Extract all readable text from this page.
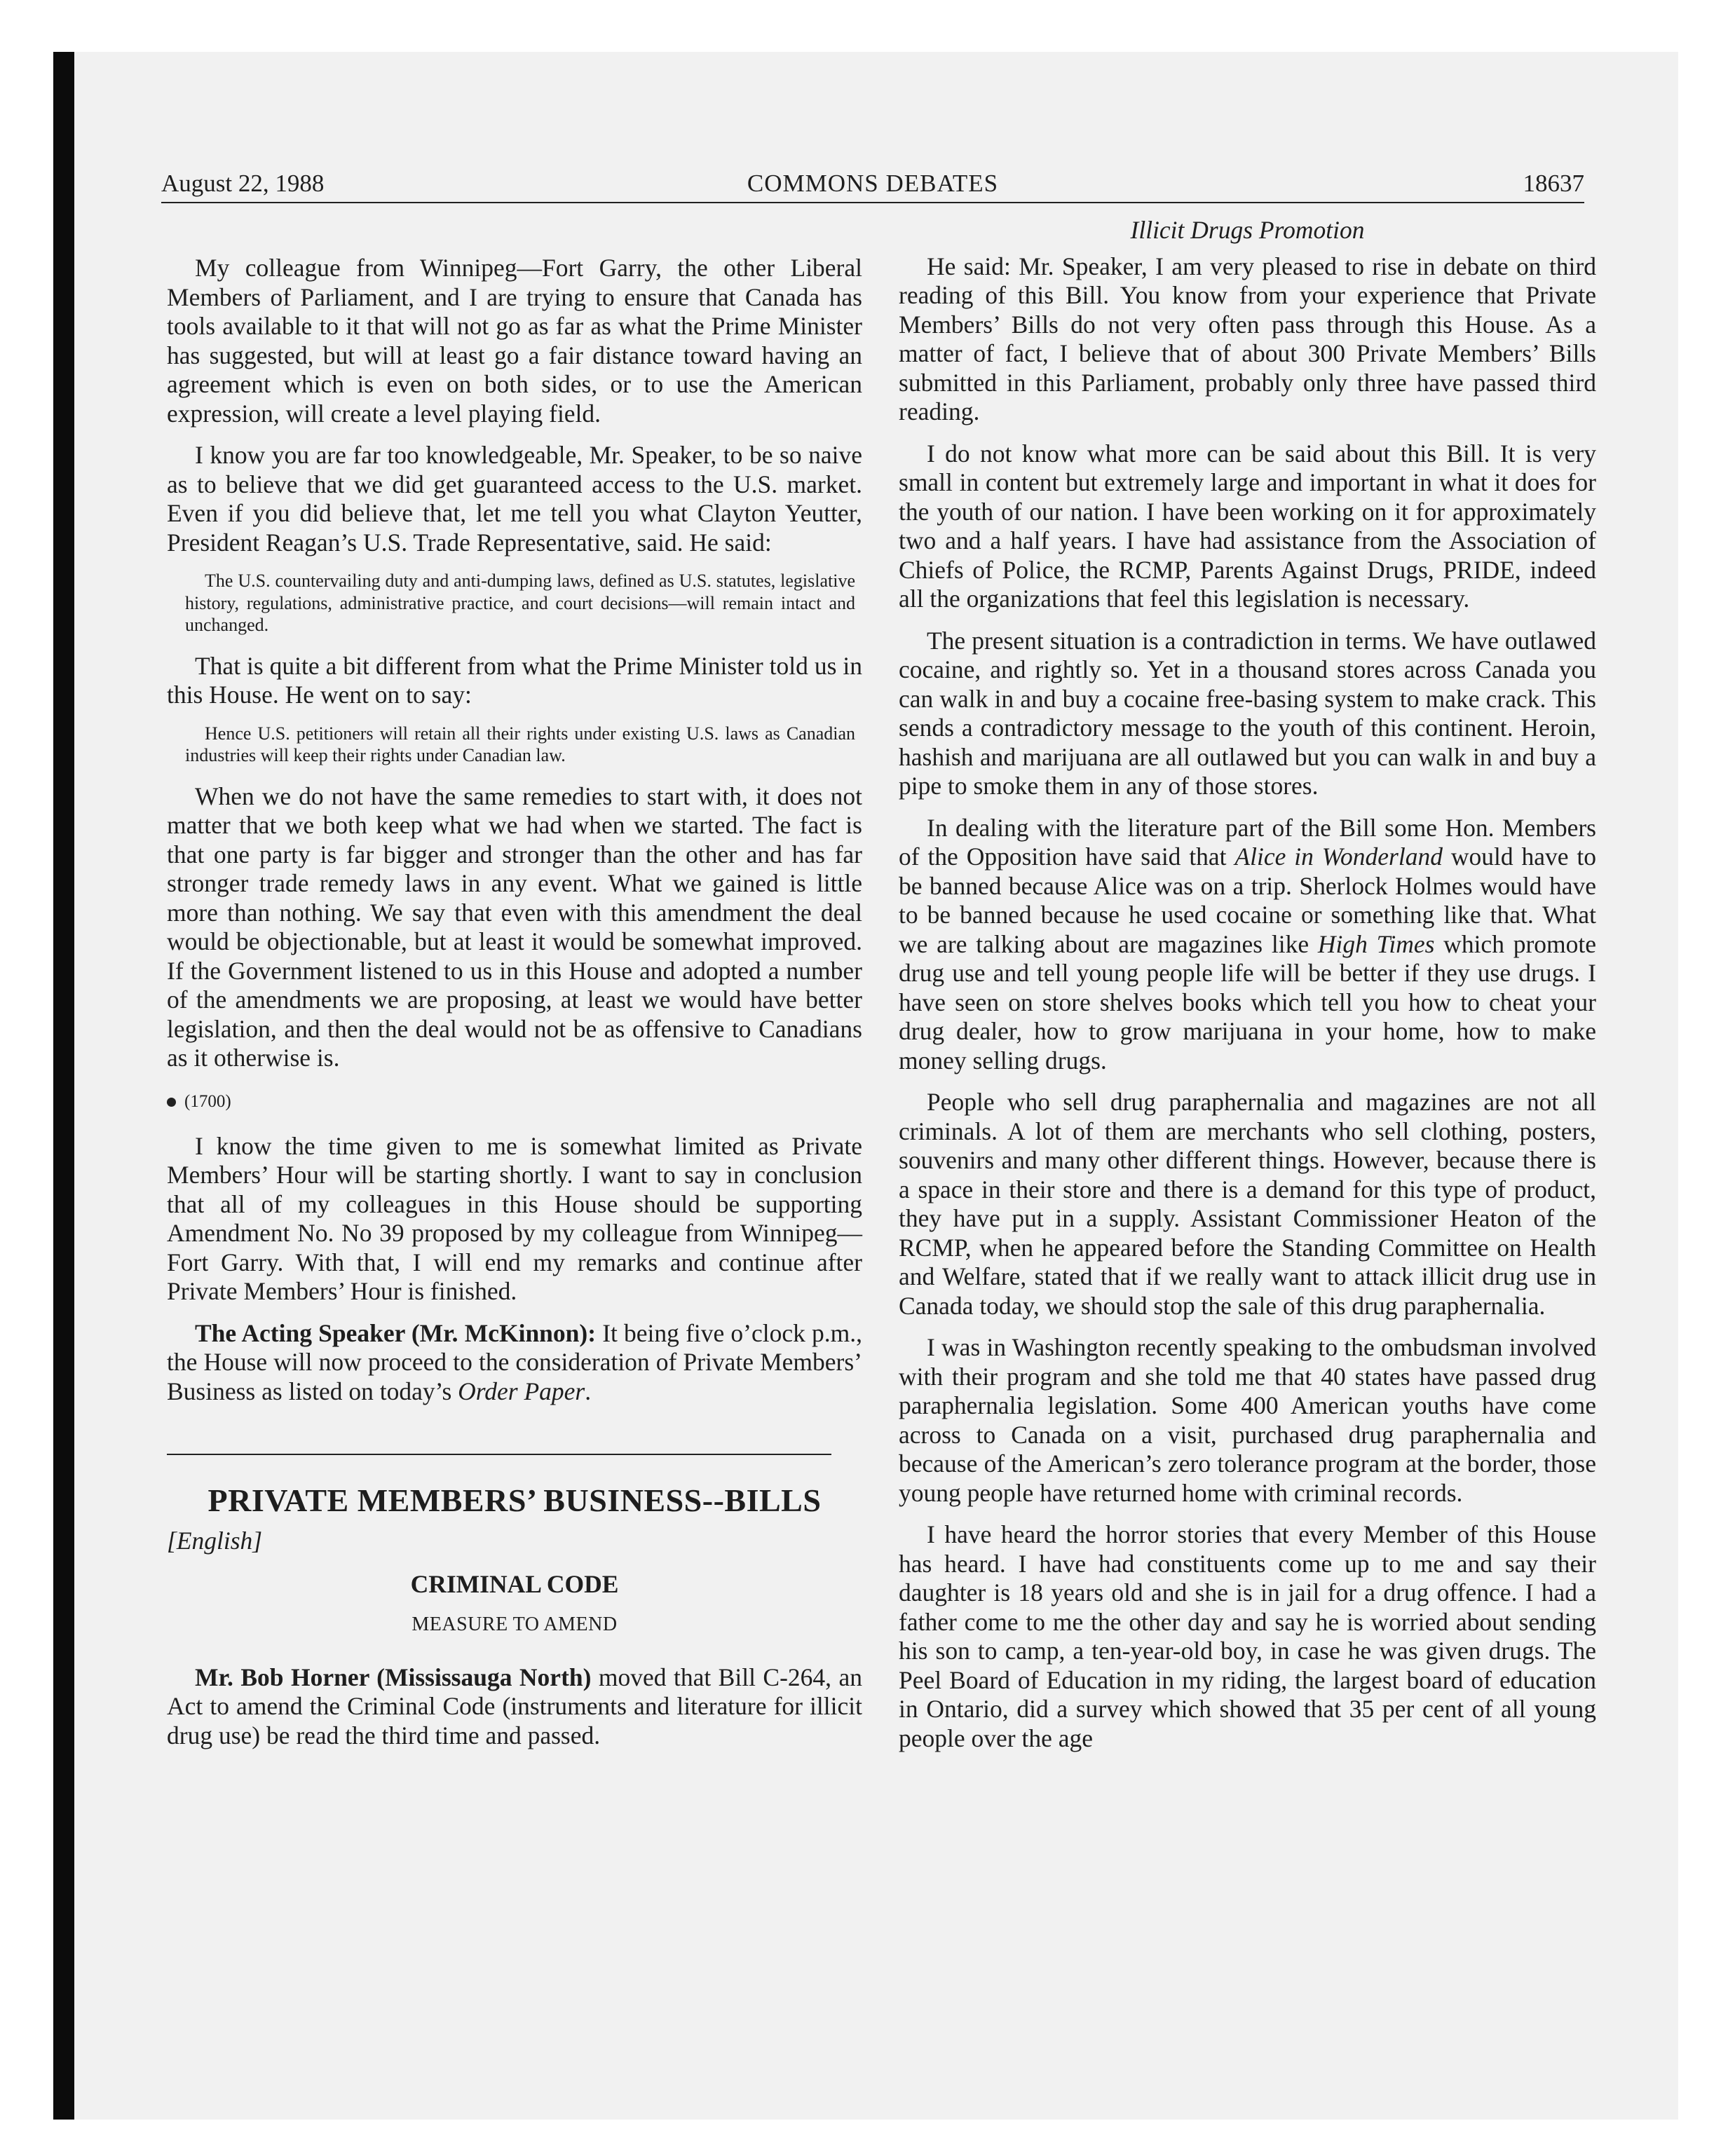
August 22, 1988	COMMONS DEBATES	18637

My colleague from Winnipeg—Fort Garry, the other Liberal Members of Parliament, and I are trying to ensure that Canada has tools available to it that will not go as far as what the Prime Minister has suggested, but will at least go a fair distance toward having an agreement which is even on both sides, or to use the American expression, will create a level playing field.

I know you are far too knowledgeable, Mr. Speaker, to be so naive as to believe that we did get guaranteed access to the U.S. market. Even if you did believe that, let me tell you what Clayton Yeutter, President Reagan’s U.S. Trade Representative, said. He said:

The U.S. countervailing duty and anti-dumping laws, defined as U.S. statutes, legislative history, regulations, administrative practice, and court decisions—will remain intact and unchanged.

That is quite a bit different from what the Prime Minister told us in this House. He went on to say:

Hence U.S. petitioners will retain all their rights under existing U.S. laws as Canadian industries will keep their rights under Canadian law.

When we do not have the same remedies to start with, it does not matter that we both keep what we had when we started. The fact is that one party is far bigger and stronger than the other and has far stronger trade remedy laws in any event. What we gained is little more than nothing. We say that even with this amendment the deal would be objectionable, but at least it would be somewhat improved. If the Government listened to us in this House and adopted a number of the amendments we are proposing, at least we would have better legislation, and then the deal would not be as offensive to Canadians as it otherwise is.

(1700)

I know the time given to me is somewhat limited as Private Members’ Hour will be starting shortly. I want to say in conclusion that all of my colleagues in this House should be supporting Amendment No. No 39 proposed by my colleague from Winnipeg—Fort Garry. With that, I will end my remarks and continue after Private Members’ Hour is finished.

The Acting Speaker (Mr. McKinnon): It being five o’clock p.m., the House will now proceed to the consideration of Private Members’ Business as listed on today’s Order Paper.

PRIVATE MEMBERS’ BUSINESS--BILLS
[English]
CRIMINAL CODE
MEASURE TO AMEND

Mr. Bob Horner (Mississauga North) moved that Bill C-264, an Act to amend the Criminal Code (instruments and literature for illicit drug use) be read the third time and passed.

Illicit Drugs Promotion

He said: Mr. Speaker, I am very pleased to rise in debate on third reading of this Bill. You know from your experience that Private Members’ Bills do not very often pass through this House. As a matter of fact, I believe that of about 300 Private Members’ Bills submitted in this Parliament, probably only three have passed third reading.

I do not know what more can be said about this Bill. It is very small in content but extremely large and important in what it does for the youth of our nation. I have been working on it for approximately two and a half years. I have had assistance from the Association of Chiefs of Police, the RCMP, Parents Against Drugs, PRIDE, indeed all the organizations that feel this legislation is necessary.

The present situation is a contradiction in terms. We have outlawed cocaine, and rightly so. Yet in a thousand stores across Canada you can walk in and buy a cocaine free-basing system to make crack. This sends a contradictory message to the youth of this continent. Heroin, hashish and marijuana are all outlawed but you can walk in and buy a pipe to smoke them in any of those stores.

In dealing with the literature part of the Bill some Hon. Members of the Opposition have said that Alice in Wonderland would have to be banned because Alice was on a trip. Sherlock Holmes would have to be banned because he used cocaine or something like that. What we are talking about are magazines like High Times which promote drug use and tell young people life will be better if they use drugs. I have seen on store shelves books which tell you how to cheat your drug dealer, how to grow marijuana in your home, how to make money selling drugs.

People who sell drug paraphernalia and magazines are not all criminals. A lot of them are merchants who sell clothing, posters, souvenirs and many other different things. However, because there is a space in their store and there is a demand for this type of product, they have put in a supply. Assistant Commissioner Heaton of the RCMP, when he appeared before the Standing Committee on Health and Welfare, stated that if we really want to attack illicit drug use in Canada today, we should stop the sale of this drug paraphernalia.

I was in Washington recently speaking to the ombudsman involved with their program and she told me that 40 states have passed drug paraphernalia legislation. Some 400 American youths have come across to Canada on a visit, purchased drug paraphernalia and because of the American’s zero tolerance program at the border, those young people have returned home with criminal records.

I have heard the horror stories that every Member of this House has heard. I have had constituents come up to me and say their daughter is 18 years old and she is in jail for a drug offence. I had a father come to me the other day and say he is worried about sending his son to camp, a ten-year-old boy, in case he was given drugs. The Peel Board of Education in my riding, the largest board of education in Ontario, did a survey which showed that 35 per cent of all young people over the age
